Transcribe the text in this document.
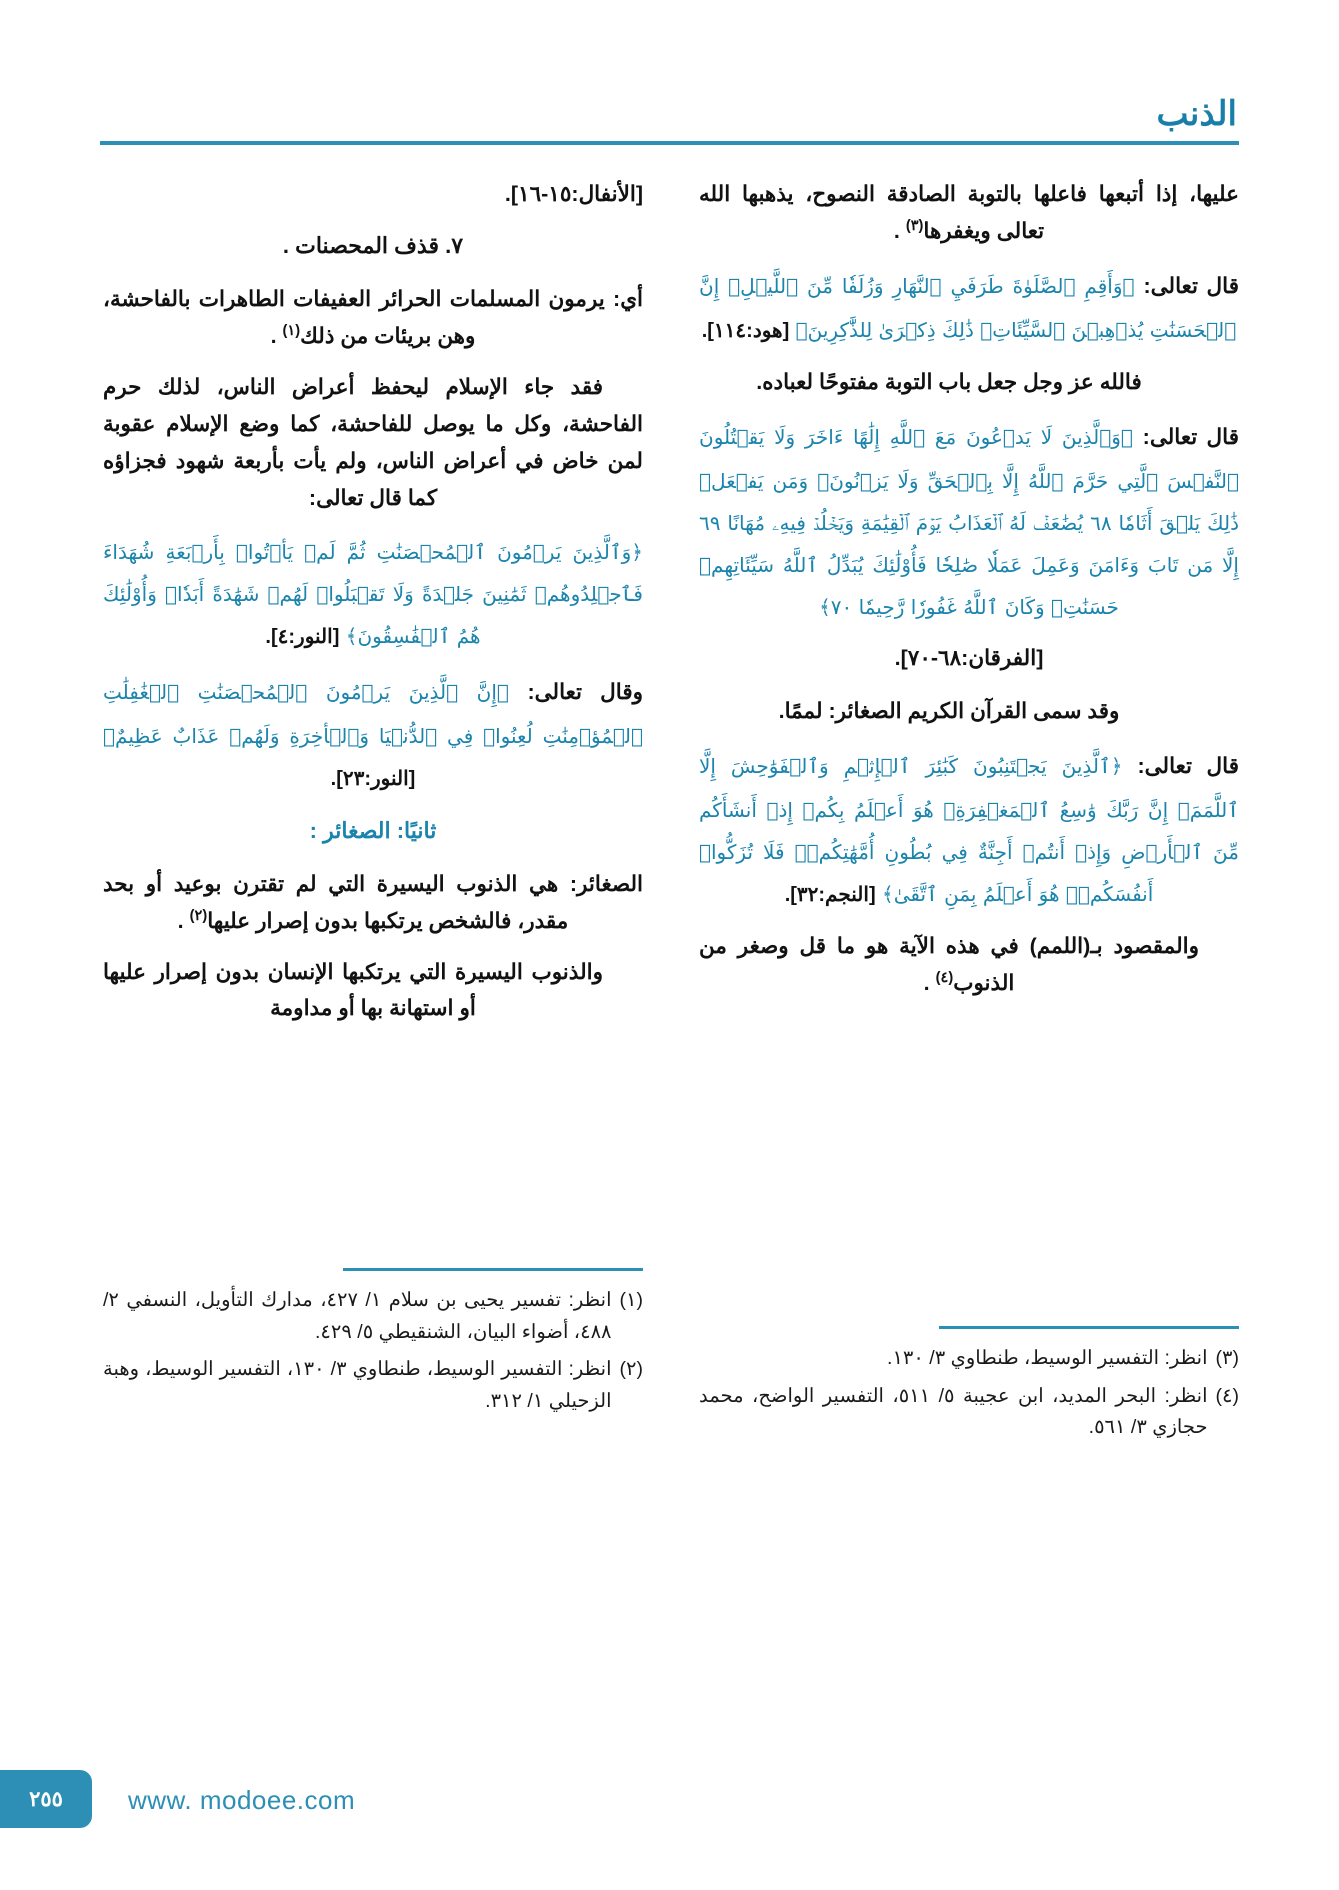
الذنب

عليها، إذا أتبعها فاعلها بالتوبة الصادقة النصوح، يذهبها الله تعالى ويغفرها$^{(٣)}$ .

قال تعالى: ﴿وَأَقِمِ ٱلصَّلَوٰةَ طَرَفَيِ ٱلنَّهَارِ وَزُلَفٗا مِّنَ ٱللَّيۡلِۚ إِنَّ ٱلۡحَسَنَٰتِ يُذۡهِبۡنَ ٱلسَّيِّئَاتِۚ ذَٰلِكَ ذِكۡرَىٰ لِلذَّٰكِرِينَ﴾ [هود:١١٤].

فالله عز وجل جعل باب التوبة مفتوحًا لعباده.

قال تعالى: ﴿وَٱلَّذِينَ لَا يَدۡعُونَ مَعَ ٱللَّهِ إِلَٰهًا ءَاخَرَ وَلَا يَقۡتُلُونَ ٱلنَّفۡسَ ٱلَّتِي حَرَّمَ ٱللَّهُ إِلَّا بِٱلۡحَقِّ وَلَا يَزۡنُونَۚ وَمَن يَفۡعَلۡ ذَٰلِكَ يَلۡقَ أَثَامٗا ٦٨ يُضَٰعَفۡ لَهُ ٱلۡعَذَابُ يَوۡمَ ٱلۡقِيَٰمَةِ وَيَخۡلُدۡ فِيهِۦ مُهَانًا ٦٩ إِلَّا مَن تَابَ وَءَامَنَ وَعَمِلَ عَمَلٗا صَٰلِحٗا فَأُوْلَٰئِكَ يُبَدِّلُ ٱللَّهُ سَيِّئَاتِهِمۡ حَسَنَٰتِۗ وَكَانَ ٱللَّهُ غَفُورٗا رَّحِيمٗا ٧٠﴾

[الفرقان:٦٨-٧٠].

وقد سمى القرآن الكريم الصغائر: لممًا.

قال تعالى: ﴿ٱلَّذِينَ يَجۡتَنِبُونَ كَبَٰئِرَ ٱلۡإِثۡمِ وَٱلۡفَوَٰحِشَ إِلَّا ٱللَّمَمَۚ إِنَّ رَبَّكَ وَٰسِعُ ٱلۡمَغۡفِرَةِۚ هُوَ أَعۡلَمُ بِكُمۡ إِذۡ أَنشَأَكُم مِّنَ ٱلۡأَرۡضِ وَإِذۡ أَنتُمۡ أَجِنَّةٌ فِي بُطُونِ أُمَّهَٰتِكُمۡۚ فَلَا تُزَكُّوا۟ أَنفُسَكُمۡۖ هُوَ أَعۡلَمُ بِمَنِ ٱتَّقَىٰ﴾ [النجم:٣٢].

والمقصود بـ(اللمم) في هذه الآية هو ما قل وصغر من الذنوب$^{(٤)}$ .

[الأنفال:١٥-١٦].

٧. قذف المحصنات .

أي: يرمون المسلمات الحرائر العفيفات الطاهرات بالفاحشة، وهن بريئات من ذلك$^{(١)}$ .

فقد جاء الإسلام ليحفظ أعراض الناس، لذلك حرم الفاحشة، وكل ما يوصل للفاحشة، كما وضع الإسلام عقوبة لمن خاض في أعراض الناس، ولم يأت بأربعة شهود فجزاؤه كما قال تعالى:

﴿وَٱلَّذِينَ يَرۡمُونَ ٱلۡمُحۡصَنَٰتِ ثُمَّ لَمۡ يَأۡتُوا۟ بِأَرۡبَعَةِ شُهَدَاءَ فَٱجۡلِدُوهُمۡ ثَمَٰنِينَ جَلۡدَةً وَلَا تَقۡبَلُوا۟ لَهُمۡ شَهَٰدَةً أَبَدٗاۚ وَأُوْلَٰئِكَ هُمُ ٱلۡفَٰسِقُونَ﴾ [النور:٤].
وقال تعالى: ﴿إِنَّ ٱلَّذِينَ يَرۡمُونَ ٱلۡمُحۡصَنَٰتِ ٱلۡغَٰفِلَٰتِ ٱلۡمُؤۡمِنَٰتِ لُعِنُوا۟ فِي ٱلدُّنۡيَا وَٱلۡأخِرَةِ وَلَهُمۡ عَذَابٌ عَظِيمٌ﴾ [النور:٢٣].

ثانيًا: الصغائر :

الصغائر: هي الذنوب اليسيرة التي لم تقترن بوعيد أو بحد مقدر، فالشخص يرتكبها بدون إصرار عليها$^{(٢)}$ .

والذنوب اليسيرة التي يرتكبها الإنسان بدون إصرار عليها أو استهانة بها أو مداومة

(٣)
انظر: التفسير الوسيط، طنطاوي ٣/ ١٣٠.
(٤)
انظر: البحر المديد، ابن عجيبة ٥/ ٥١١، التفسير الواضح، محمد حجازي ٣/ ٥٦١.
(١)
انظر: تفسير يحيى بن سلام ١/ ٤٢٧، مدارك التأويل، النسفي ٢/ ٤٨٨، أضواء البيان، الشنقيطي ٥/ ٤٢٩.
(٢)
انظر: التفسير الوسيط، طنطاوي ٣/ ١٣٠، التفسير الوسيط، وهبة الزحيلي ١/ ٣١٢.
٢٥٥	www. modoee.com
